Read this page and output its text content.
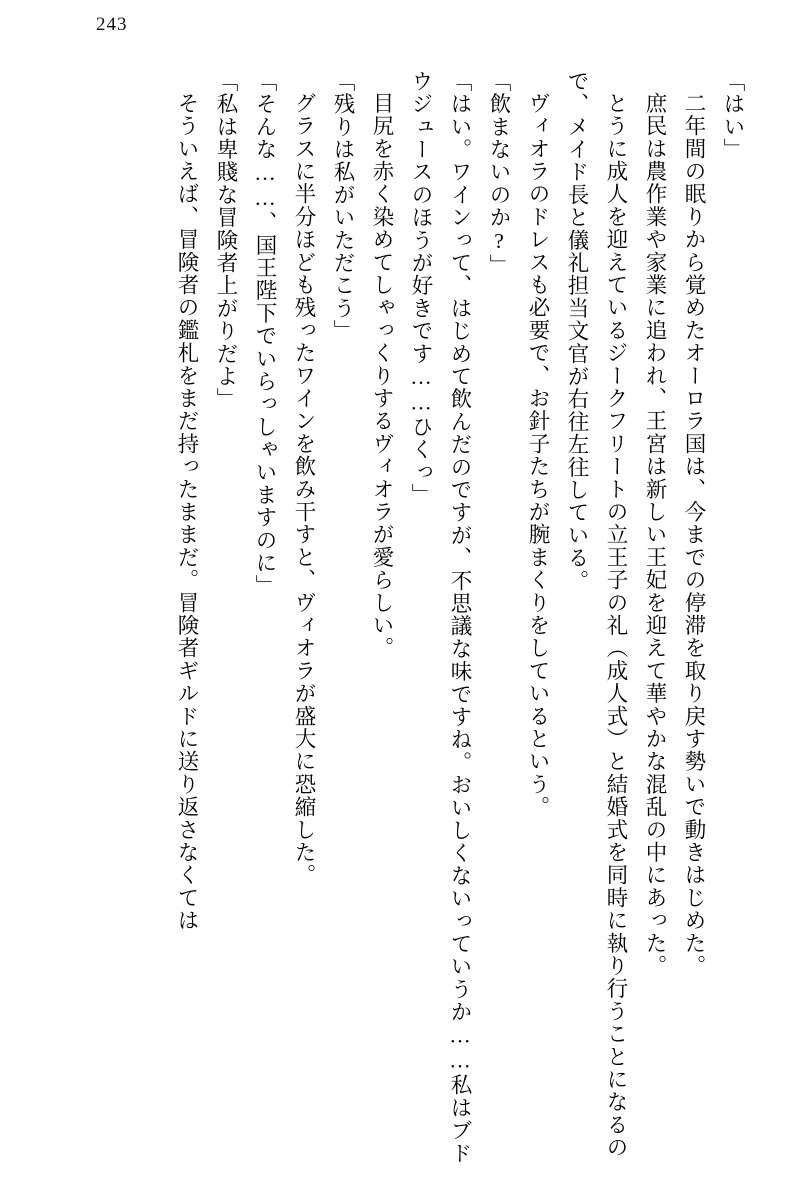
243

「はい」

二年間の眠りから覚めたオーロラ国は、今までの停滞を取り戻す勢いで動きはじめた。

庶民は農作業や家業に追われ、王宮は新しい王妃を迎えて華やかな混乱の中にあった。

とうに成人を迎えているジークフリートの立王子の礼（成人式）と結婚式を同時に執り行うことになるので、メイド長と儀礼担当文官が右往左往している。

ヴィオラのドレスも必要で、お針子たちが腕まくりをしているという。

「飲まないのか?」

「はい。ワインって、はじめて飲んだのですが、不思議な味ですね。おいしくないっていうか……私はブドウジュースのほうが好きです……ひくっ」

目尻を赤く染めてしゃっくりするヴィオラが愛らしい。

「残りは私がいただこう」

グラスに半分ほども残ったワインを飲み干すと、ヴィオラが盛大に恐縮した。

「そんな……、国王陛下でいらっしゃいますのに」

「私は卑賤な冒険者上がりだよ」

そういえば、冒険者の鑑札をまだ持ったままだ。冒険者ギルドに送り返さなくては
